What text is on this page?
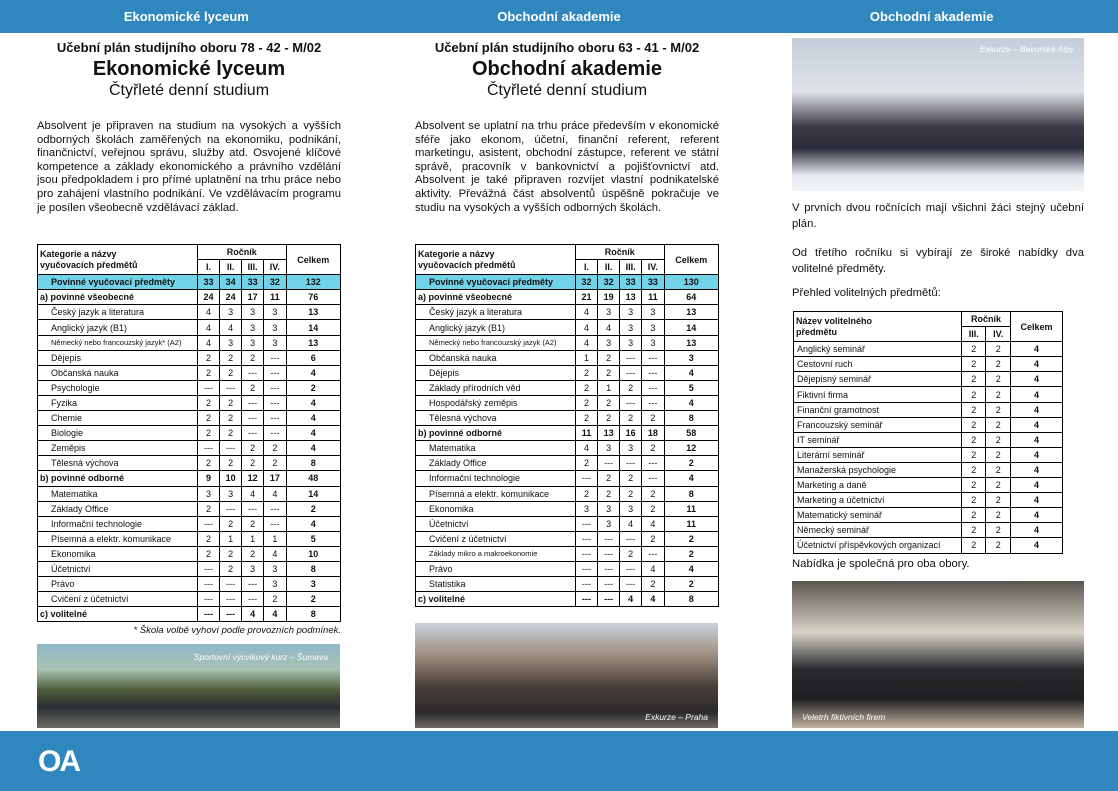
Ekonomické lyceum	Obchodní akademie	Obchodní akademie
Učební plán studijního oboru 78 - 42 - M/02
Ekonomické lyceum
Čtyřleté denní studium
Absolvent je připraven na studium na vysokých a vyšších odborných školách zaměřených na ekonomiku, podnikání, finančnictví, veřejnou správu, služby atd. Osvojené klíčové kompetence a základy ekonomického a právního vzdělání jsou předpokladem i pro přímé uplatnění na trhu práce nebo pro zahájení vlastního podnikání. Ve vzdělávacím programu je posílen všeobecně vzdělávací základ.
Kategorie a názvy
vyučovacích předmětů	Ročník				Celkem
	I.	II.	III.	IV.	
Povinné vyučovací předměty	33	34	33	32	132
a) povinné všeobecné	24	24	17	11	76
Český jazyk a literatura	4	3	3	3	13
Anglický jazyk (B1)	4	4	3	3	14
Německý nebo francouzský jazyk* (A2)	4	3	3	3	13
Dějepis	2	2	2	---	6
Občanská nauka	2	2	---	---	4
Psychologie	---	---	2	---	2
Fyzika	2	2	---	---	4
Chemie	2	2	---	---	4
Biologie	2	2	---	---	4
Zeměpis	---	---	2	2	4
Tělesná výchova	2	2	2	2	8
b) povinné odborné	9	10	12	17	48
Matematika	3	3	4	4	14
Základy Office	2	---	---	---	2
Informační technologie	---	2	2	---	4
Písemná a elektr. komunikace	2	1	1	1	5
Ekonomika	2	2	2	4	10
Účetnictví	---	2	3	3	8
Právo	---	---	---	3	3
Cvičení z účetnictví	---	---	---	2	2
c) volitelné	---	---	4	4	8
* Škola volbě vyhoví podle provozních podmínek.
Učební plán studijního oboru 63 - 41 - M/02
Obchodní akademie
Čtyřleté denní studium
Absolvent se uplatní na trhu práce především v ekonomické sféře jako ekonom, účetní, finanční referent, referent marketingu, asistent, obchodní zástupce, referent ve státní správě, pracovník v bankovnictví a pojišťovnictví atd. Absolvent je také připraven rozvíjet vlastní podnikatelské aktivity. Převážná část absolventů úspěšně pokračuje ve studiu na vysokých a vyšších odborných školách.
Kategorie a názvy
vyučovacích předmětů	Ročník				Celkem
	I.	II.	III.	IV.	
Povinné vyučovací předměty	32	32	33	33	130
a) povinné všeobecné	21	19	13	11	64
Český jazyk a literatura	4	3	3	3	13
Anglický jazyk (B1)	4	4	3	3	14
Německý nebo francouzský jazyk (A2)	4	3	3	3	13
Občanská nauka	1	2	---	---	3
Dějepis	2	2	---	---	4
Základy přírodních věd	2	1	2	---	5
Hospodářský zeměpis	2	2	---	---	4
Tělesná výchova	2	2	2	2	8
b) povinné odborné	11	13	16	18	58
Matematika	4	3	3	2	12
Základy Office	2	---	---	---	2
Informační technologie	---	2	2	---	4
Písemná a elektr. komunikace	2	2	2	2	8
Ekonomika	3	3	3	2	11
Účetnictví	---	3	4	4	11
Cvičení z účetnictví	---	---	---	2	2
Základy mikro a makroekonomie	---	---	2	---	2
Právo	---	---	---	4	4
Statistika	---	---	---	2	2
c) volitelné	---	---	4	4	8
Sportovní výcvikový kurz – Šumava
Exkurze – Praha
Exkurze – Bavorské Alpy
V prvních dvou ročnících mají všichni žáci stejný učební plán.
Od třetího ročníku si vybírají ze široké nabídky dva volitelné předměty.
Přehled volitelných předmětů:
Název volitelného
předmětu	Ročník		Celkem
	III.	IV.	
Anglický seminář	2	2	4
Cestovní ruch	2	2	4
Dějepisný seminář	2	2	4
Fiktivní firma	2	2	4
Finanční gramotnost	2	2	4
Francouzský seminář	2	2	4
IT seminář	2	2	4
Literární seminář	2	2	4
Manažerská psychologie	2	2	4
Marketing a daně	2	2	4
Marketing a účetnictví	2	2	4
Matematický seminář	2	2	4
Německý seminář	2	2	4
Účetnictví příspěvkových organizací	2	2	4
Nabídka je společná pro oba obory.
Veletrh fiktivních firem
OA
